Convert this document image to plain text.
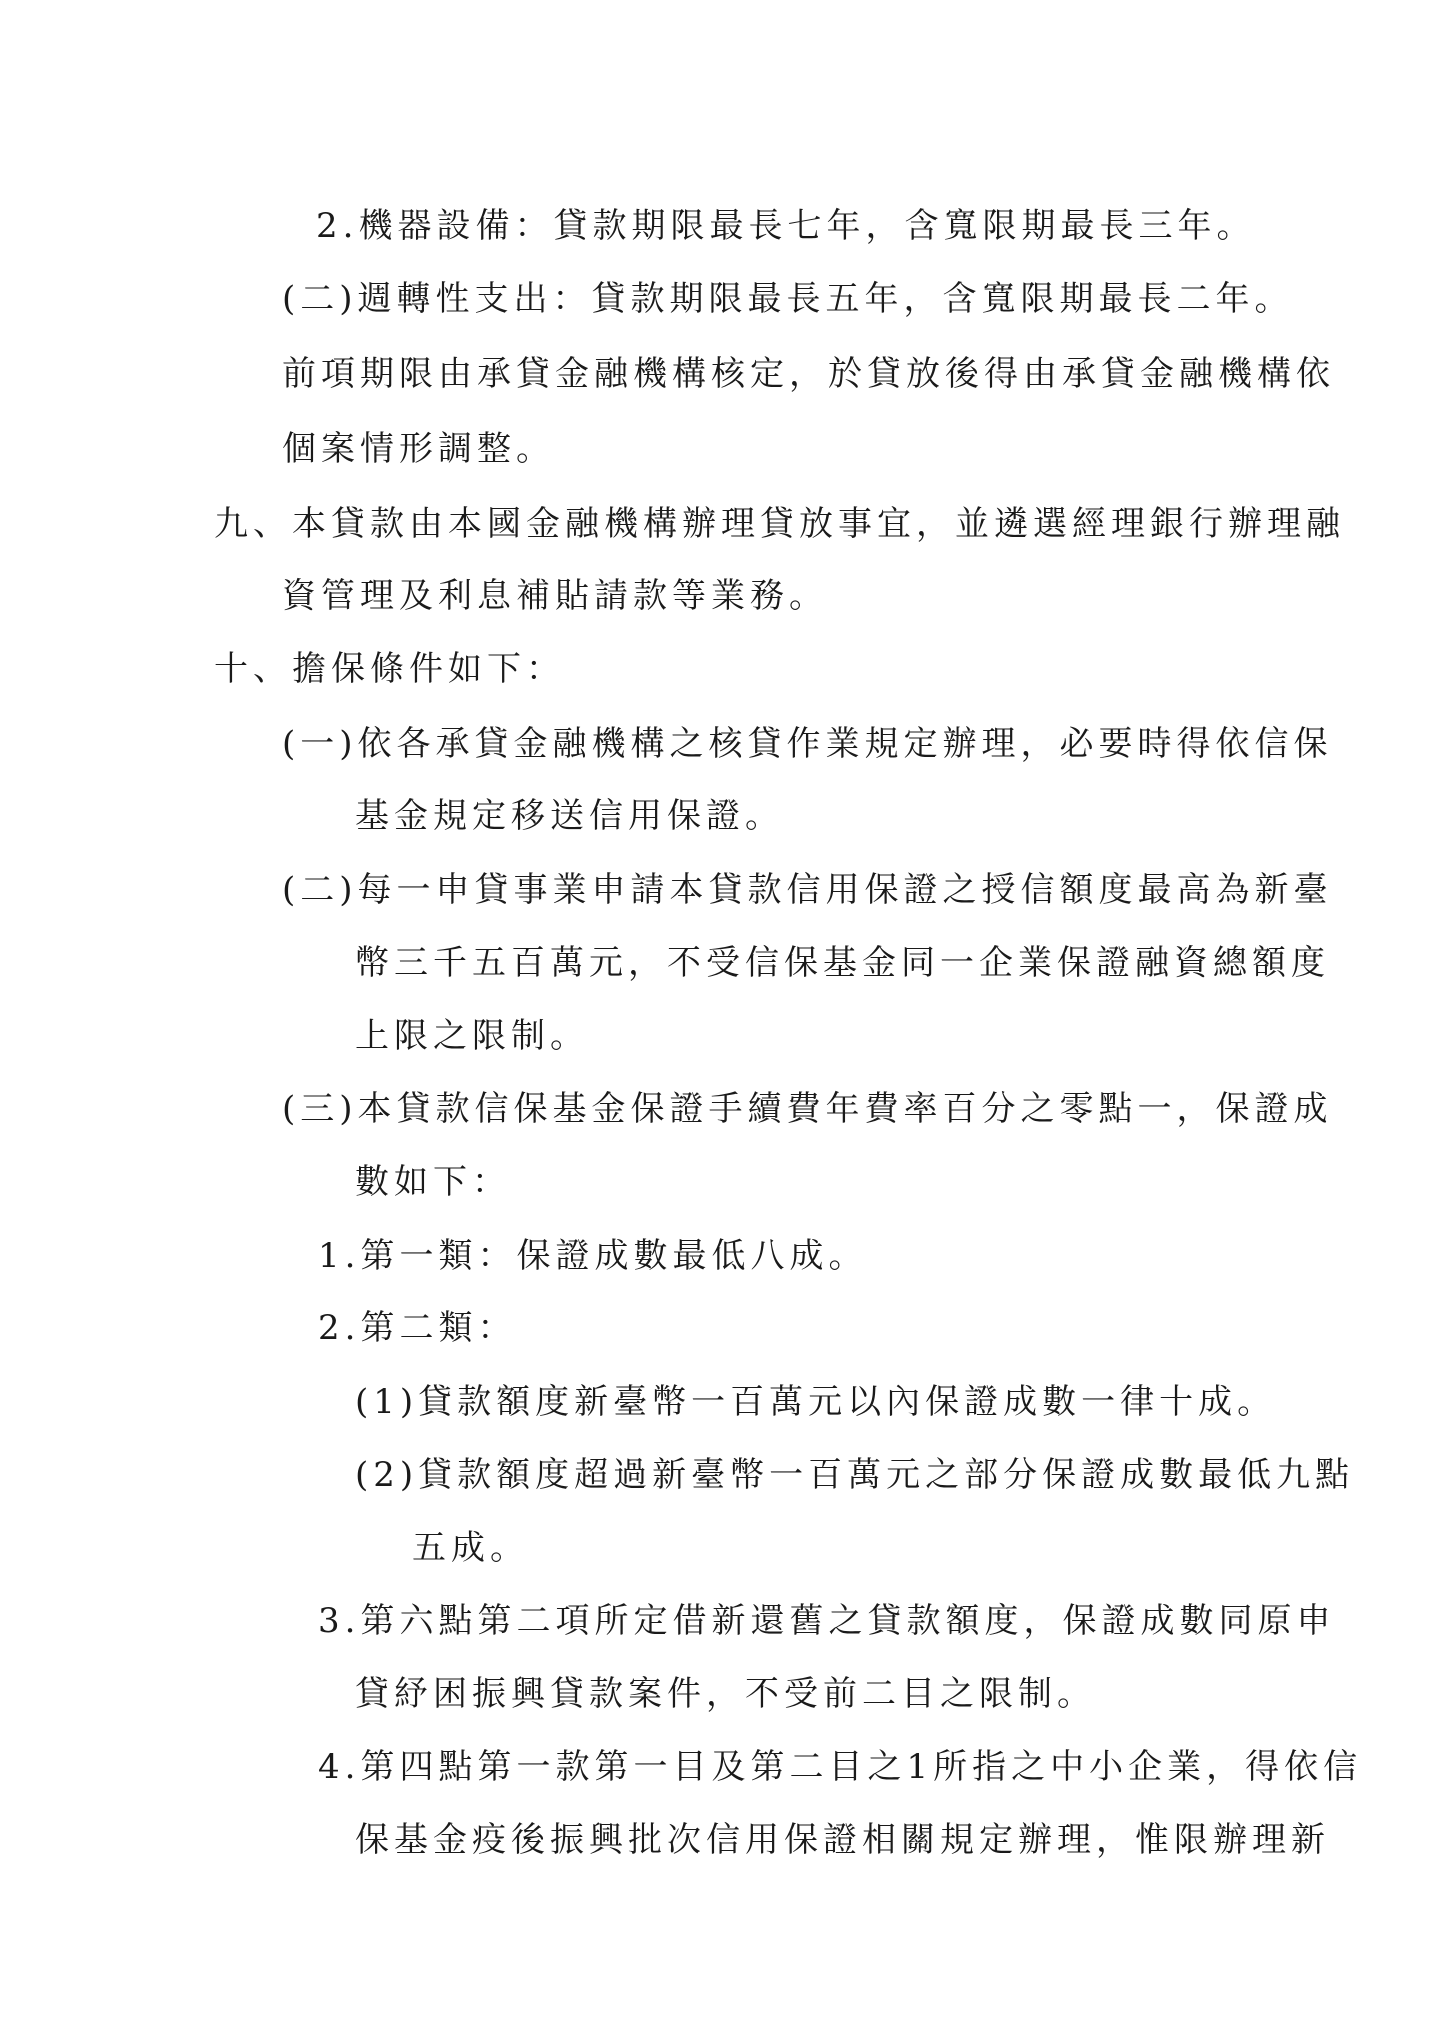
2.機器設備：貸款期限最長七年，含寬限期最長三年。
(二)週轉性支出：貸款期限最長五年，含寬限期最長二年。
前項期限由承貸金融機構核定，於貸放後得由承貸金融機構依
個案情形調整。
九、本貸款由本國金融機構辦理貸放事宜，並遴選經理銀行辦理融
資管理及利息補貼請款等業務。
十、擔保條件如下：
(一)依各承貸金融機構之核貸作業規定辦理，必要時得依信保
基金規定移送信用保證。
(二)每一申貸事業申請本貸款信用保證之授信額度最高為新臺
幣三千五百萬元，不受信保基金同一企業保證融資總額度
上限之限制。
(三)本貸款信保基金保證手續費年費率百分之零點一，保證成
數如下：
1.第一類：保證成數最低八成。
2.第二類：
(1)貸款額度新臺幣一百萬元以內保證成數一律十成。
(2)貸款額度超過新臺幣一百萬元之部分保證成數最低九點
五成。
3.第六點第二項所定借新還舊之貸款額度，保證成數同原申
貸紓困振興貸款案件，不受前二目之限制。
4.第四點第一款第一目及第二目之1所指之中小企業，得依信
保基金疫後振興批次信用保證相關規定辦理，惟限辦理新
